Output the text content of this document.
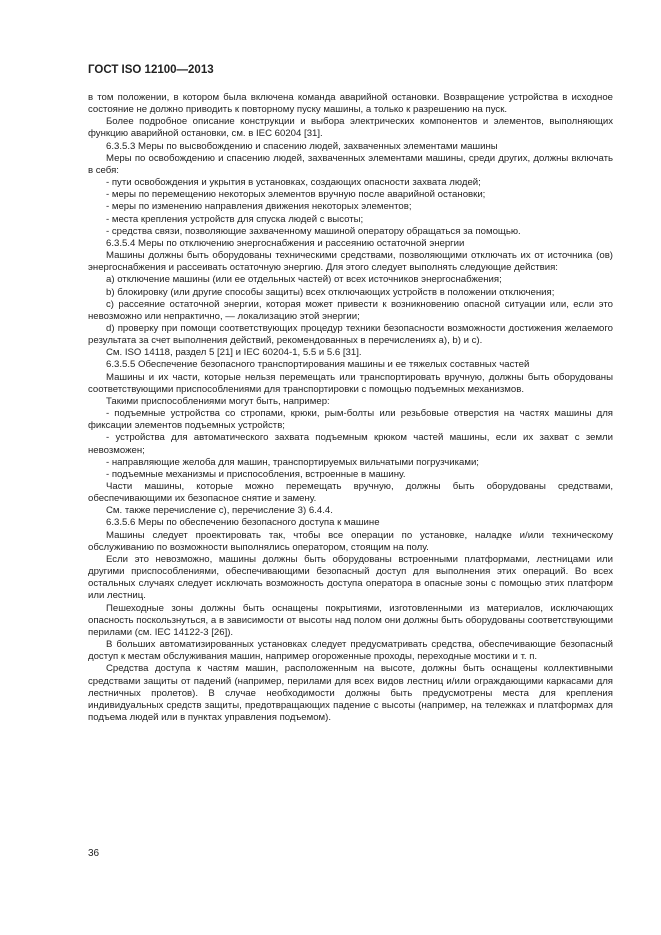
ГОСТ ISO 12100—2013

в том положении, в котором была включена команда аварийной остановки. Возвращение устройства в исходное состояние не должно приводить к повторному пуску машины, а только к разрешению на пуск.

Более подробное описание конструкции и выбора электрических компонентов и элементов, выполняющих функцию аварийной остановки, см. в IEC 60204 [31].

6.3.5.3 Меры по высвобождению и спасению людей, захваченных элементами машины

Меры по освобождению и спасению людей, захваченных элементами машины, среди других, должны включать в себя:

- пути освобождения и укрытия в установках, создающих опасности захвата людей;

- меры по перемещению некоторых элементов вручную после аварийной остановки;

- меры по изменению направления движения некоторых элементов;

- места крепления устройств для спуска людей с высоты;

- средства связи, позволяющие захваченному машиной оператору обращаться за помощью.

6.3.5.4 Меры по отключению энергоснабжения и рассеянию остаточной энергии

Машины должны быть оборудованы техническими средствами, позволяющими отключать их от источника (ов) энергоснабжения и рассеивать остаточную энергию. Для этого следует выполнять следующие действия:

a) отключение машины (или ее отдельных частей) от всех источников энергоснабжения;

b) блокировку (или другие способы защиты) всех отключающих устройств в положении отключения;

c) рассеяние остаточной энергии, которая может привести к возникновению опасной ситуации или, если это невозможно или непрактично, — локализацию этой энергии;

d) проверку при помощи соответствующих процедур техники безопасности возможности достижения желаемого результата за счет выполнения действий, рекомендованных в перечислениях a), b) и c).

См. ISO 14118, раздел 5 [21] и IEC 60204-1, 5.5 и 5.6 [31].

6.3.5.5 Обеспечение безопасного транспортирования машины и ее тяжелых составных частей

Машины и их части, которые нельзя перемещать или транспортировать вручную, должны быть оборудованы соответствующими приспособлениями для транспортировки с помощью подъемных механизмов.

Такими приспособлениями могут быть, например:

- подъемные устройства со стропами, крюки, рым-болты или резьбовые отверстия на частях машины для фиксации элементов подъемных устройств;

- устройства для автоматического захвата подъемным крюком частей машины, если их захват с земли невозможен;

- направляющие желоба для машин, транспортируемых вильчатыми погрузчиками;

- подъемные механизмы и приспособления, встроенные в машину.

Части машины, которые можно перемещать вручную, должны быть оборудованы средствами, обеспечивающими их безопасное снятие и замену.

См. также перечисление c), перечисление 3) 6.4.4.

6.3.5.6 Меры по обеспечению безопасного доступа к машине

Машины следует проектировать так, чтобы все операции по установке, наладке и/или техническому обслуживанию по возможности выполнялись оператором, стоящим на полу.

Если это невозможно, машины должны быть оборудованы встроенными платформами, лестницами или другими приспособлениями, обеспечивающими безопасный доступ для выполнения этих операций. Во всех остальных случаях следует исключать возможность доступа оператора в опасные зоны с помощью этих платформ или лестниц.

Пешеходные зоны должны быть оснащены покрытиями, изготовленными из материалов, исключающих опасность поскользнуться, а в зависимости от высоты над полом они должны быть оборудованы соответствующими перилами (см. IEC 14122-3 [26]).

В больших автоматизированных установках следует предусматривать средства, обеспечивающие безопасный доступ к местам обслуживания машин, например огороженные проходы, переходные мостики и т. п.

Средства доступа к частям машин, расположенным на высоте, должны быть оснащены коллективными средствами защиты от падений (например, перилами для всех видов лестниц и/или ограждающими каркасами для лестничных пролетов). В случае необходимости должны быть предусмотрены места для крепления индивидуальных средств защиты, предотвращающих падение с высоты (например, на тележках и платформах для подъема людей или в пунктах управления подъемом).

36
